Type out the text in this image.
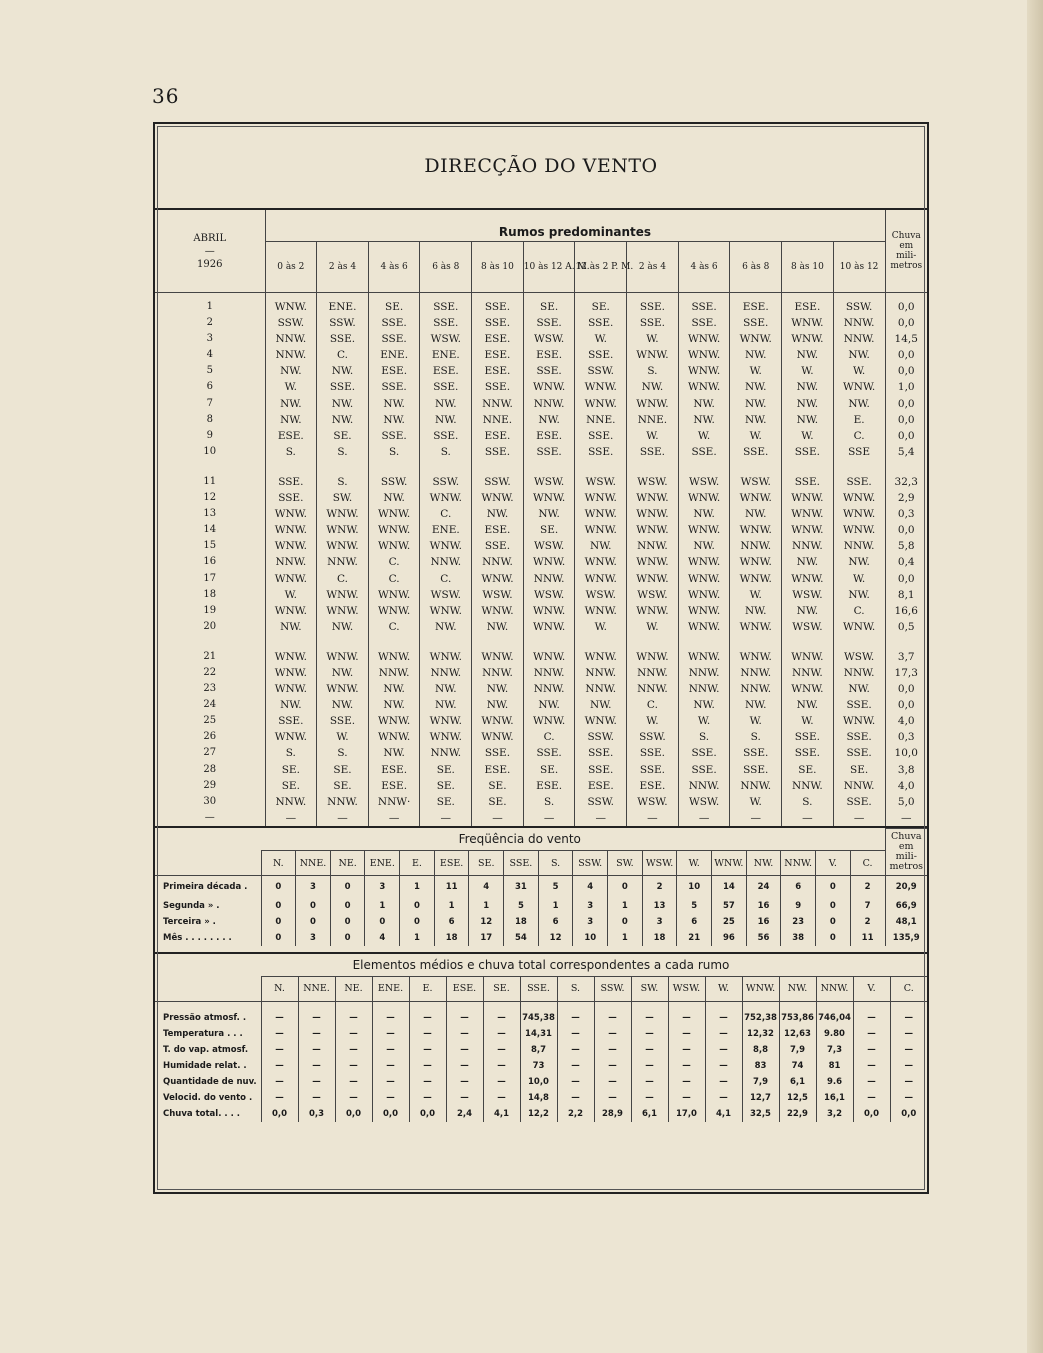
36
DIRECÇÃO DO VENTO
ABRIL
—
1926	Rumos predominantes												Chuva
em
mili-
metros
	0 às 2	2 às 4	4 às 6	6 às 8	8 às 10	10 às 12 A. M.	12 às 2 P. M.	2 às 4	4 às 6	6 às 8	8 às 10	10 às 12	
1	WNW.	ENE.	SE.	SSE.	SSE.	SE.	SE.	SSE.	SSE.	ESE.	ESE.	SSW.	0,0
2	SSW.	SSW.	SSE.	SSE.	SSE.	SSE.	SSE.	SSE.	SSE.	SSE.	WNW.	NNW.	0,0
3	NNW.	SSE.	SSE.	WSW.	ESE.	WSW.	W.	W.	WNW.	WNW.	WNW.	NNW.	14,5
4	NNW.	C.	ENE.	ENE.	ESE.	ESE.	SSE.	WNW.	WNW.	NW.	NW.	NW.	0,0
5	NW.	NW.	ESE.	ESE.	ESE.	SSE.	SSW.	S.	WNW.	W.	W.	W.	0,0
6	W.	SSE.	SSE.	SSE.	SSE.	WNW.	WNW.	NW.	WNW.	NW.	NW.	WNW.	1,0
7	NW.	NW.	NW.	NW.	NNW.	NNW.	WNW.	WNW.	NW.	NW.	NW.	NW.	0,0
8	NW.	NW.	NW.	NW.	NNE.	NW.	NNE.	NNE.	NW.	NW.	NW.	E.	0,0
9	ESE.	SE.	SSE.	SSE.	ESE.	ESE.	SSE.	W.	W.	W.	W.	C.	0,0
10	S.	S.	S.	S.	SSE.	SSE.	SSE.	SSE.	SSE.	SSE.	SSE.	SSE	5,4

11	SSE.	S.	SSW.	SSW.	SSW.	WSW.	WSW.	WSW.	WSW.	WSW.	SSE.	SSE.	32,3
12	SSE.	SW.	NW.	WNW.	WNW.	WNW.	WNW.	WNW.	WNW.	WNW.	WNW.	WNW.	2,9
13	WNW.	WNW.	WNW.	C.	NW.	NW.	WNW.	WNW.	NW.	NW.	WNW.	WNW.	0,3
14	WNW.	WNW.	WNW.	ENE.	ESE.	SE.	WNW.	WNW.	WNW.	WNW.	WNW.	WNW.	0,0
15	WNW.	WNW.	WNW.	WNW.	SSE.	WSW.	NW.	NNW.	NW.	NNW.	NNW.	NNW.	5,8
16	NNW.	NNW.	C.	NNW.	NNW.	WNW.	WNW.	WNW.	WNW.	WNW.	NW.	NW.	0,4
17	WNW.	C.	C.	C.	WNW.	NNW.	WNW.	WNW.	WNW.	WNW.	WNW.	W.	0,0
18	W.	WNW.	WNW.	WSW.	WSW.	WSW.	WSW.	WSW.	WNW.	W.	WSW.	NW.	8,1
19	WNW.	WNW.	WNW.	WNW.	WNW.	WNW.	WNW.	WNW.	WNW.	NW.	NW.	C.	16,6
20	NW.	NW.	C.	NW.	NW.	WNW.	W.	W.	WNW.	WNW.	WSW.	WNW.	0,5

21	WNW.	WNW.	WNW.	WNW.	WNW.	WNW.	WNW.	WNW.	WNW.	WNW.	WNW.	WSW.	3,7
22	WNW.	NW.	NNW.	NNW.	NNW.	NNW.	NNW.	NNW.	NNW.	NNW.	NNW.	NNW.	17,3
23	WNW.	WNW.	NW.	NW.	NW.	NNW.	NNW.	NNW.	NNW.	NNW.	WNW.	NW.	0,0
24	NW.	NW.	NW.	NW.	NW.	NW.	NW.	C.	NW.	NW.	NW.	SSE.	0,0
25	SSE.	SSE.	WNW.	WNW.	WNW.	WNW.	WNW.	W.	W.	W.	W.	WNW.	4,0
26	WNW.	W.	WNW.	WNW.	WNW.	C.	SSW.	SSW.	S.	S.	SSE.	SSE.	0,3
27	S.	S.	NW.	NNW.	SSE.	SSE.	SSE.	SSE.	SSE.	SSE.	SSE.	SSE.	10,0
28	SE.	SE.	ESE.	SE.	ESE.	SE.	SSE.	SSE.	SSE.	SSE.	SE.	SE.	3,8
29	SE.	SE.	ESE.	SE.	SE.	ESE.	ESE.	ESE.	NNW.	NNW.	NNW.	NNW.	4,0
30	NNW.	NNW.	NNW·	SE.	SE.	S.	SSW.	WSW.	WSW.	W.	S.	SSE.	5,0
—	—	—	—	—	—	—	—	—	—	—	—	—	—
Freqüência do vento																			Chuva
em
mili-
metros
	N.	NNE.	NE.	ENE.	E.	ESE.	SE.	SSE.	S.	SSW.	SW.	WSW.	W.	WNW.	NW.	NNW.	V.	C.	
Primeira década .	0	3	0	3	1	11	4	31	5	4	0	2	10	14	24	6	0	2	20,9
Segunda » .	0	0	0	1	0	1	1	5	1	3	1	13	5	57	16	9	0	7	66,9
Terceira » .	0	0	0	0	0	6	12	18	6	3	0	3	6	25	16	23	0	2	48,1
Mês . . . . . . . .	0	3	0	4	1	18	17	54	12	10	1	18	21	96	56	38	0	11	135,9
Elementos médios e chuva total correspondentes a cada rumo																		
	N.	NNE.	NE.	ENE.	E.	ESE.	SE.	SSE.	S.	SSW.	SW.	WSW.	W.	WNW.	NW.	NNW.	V.	C.
Pressão atmosf. .	—	—	—	—	—	—	—	745,38	—	—	—	—	—	752,38	753,86	746,04	—	—
Temperatura . . .	—	—	—	—	—	—	—	14,31	—	—	—	—	—	12,32	12,63	9.80	—	—
T. do vap. atmosf.	—	—	—	—	—	—	—	8,7	—	—	—	—	—	8,8	7,9	7,3	—	—
Humidade relat. .	—	—	—	—	—	—	—	73	—	—	—	—	—	83	74	81	—	—
Quantidade de nuv.	—	—	—	—	—	—	—	10,0	—	—	—	—	—	7,9	6,1	9.6	—	—
Velocid. do vento .	—	—	—	—	—	—	—	14,8	—	—	—	—	—	12,7	12,5	16,1	—	—
Chuva total. . . .	0,0	0,3	0,0	0,0	0,0	2,4	4,1	12,2	2,2	28,9	6,1	17,0	4,1	32,5	22,9	3,2	0,0	0,0
